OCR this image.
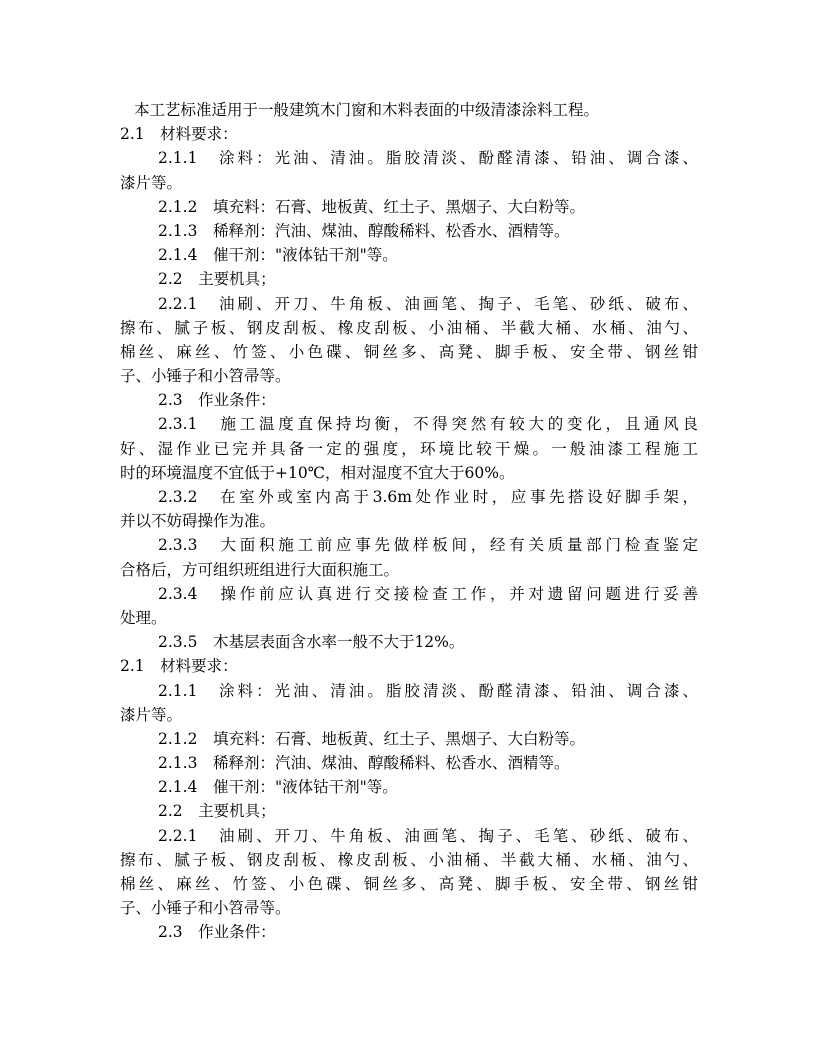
本工艺标准适用于一般建筑木门窗和木料表面的中级清漆涂料工程。
2.1　材料要求：
2.1.1　涂料：光油、清油。脂胶清淡、酚醛清漆、铅油、调合漆、
漆片等。
2.1.2　填充料：石膏、地板黄、红土子、黑烟子、大白粉等。
2.1.3　稀释剂：汽油、煤油、醇酸稀料、松香水、酒精等。
2.1.4　催干剂："液体钴干剂"等。
2.2　主要机具；
2.2.1　油刷、开刀、牛角板、油画笔、掏子、毛笔、砂纸、破布、
擦布、腻子板、钢皮刮板、橡皮刮板、小油桶、半截大桶、水桶、油勺、
棉丝、麻丝、竹签、小色碟、铜丝多、高凳、脚手板、安全带、钢丝钳
子、小锤子和小笤帚等。
2.3　作业条件：
2.3.1　施工温度直保持均衡，不得突然有较大的变化，且通风良
好、湿作业已完并具备一定的强度，环境比较干燥。一般油漆工程施工
时的环境温度不宜低于+10℃，相对湿度不宜大于60%。
2.3.2　在室外或室内高于3.6m处作业时，应事先搭设好脚手架，
并以不妨碍操作为准。
2.3.3　大面积施工前应事先做样板间，经有关质量部门检查鉴定
合格后，方可组织班组进行大面积施工。
2.3.4　操作前应认真进行交接检查工作，并对遗留问题进行妥善
处理。
2.3.5　木基层表面含水率一般不大于12%。
2.1　材料要求：
2.1.1　涂料：光油、清油。脂胶清淡、酚醛清漆、铅油、调合漆、
漆片等。
2.1.2　填充料：石膏、地板黄、红土子、黑烟子、大白粉等。
2.1.3　稀释剂：汽油、煤油、醇酸稀料、松香水、酒精等。
2.1.4　催干剂："液体钴干剂"等。
2.2　主要机具；
2.2.1　油刷、开刀、牛角板、油画笔、掏子、毛笔、砂纸、破布、
擦布、腻子板、钢皮刮板、橡皮刮板、小油桶、半截大桶、水桶、油勺、
棉丝、麻丝、竹签、小色碟、铜丝多、高凳、脚手板、安全带、钢丝钳
子、小锤子和小笤帚等。
2.3　作业条件：
